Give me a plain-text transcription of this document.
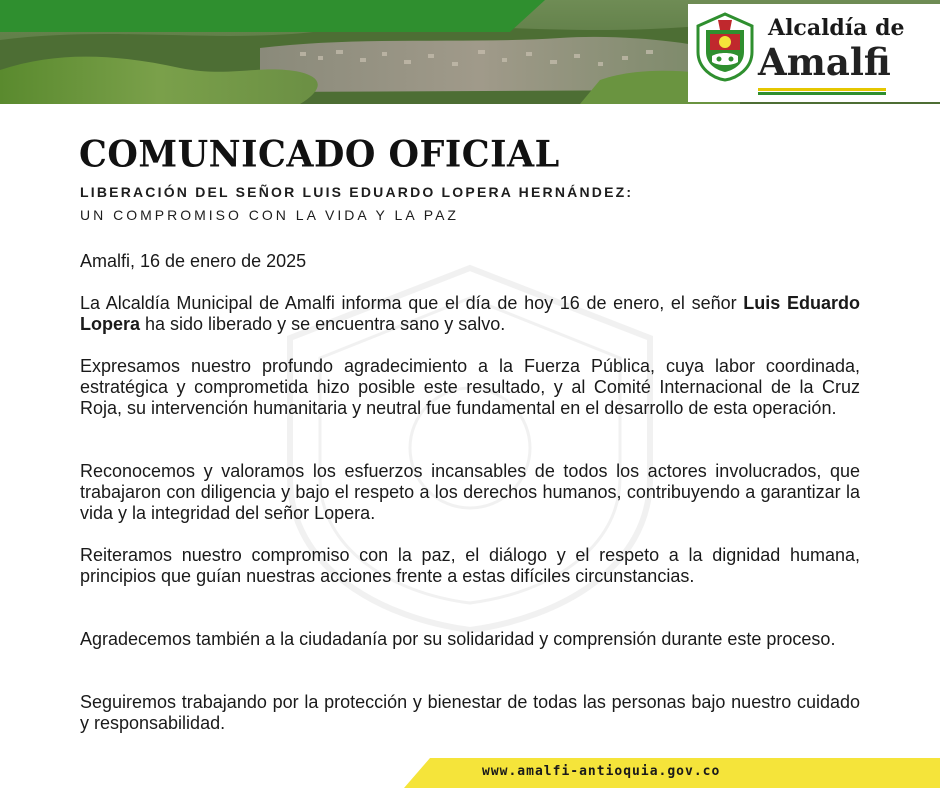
Alcaldía de
Amalfi
COMUNICADO OFICIAL
LIBERACIÓN DEL SEÑOR LUIS EDUARDO LOPERA HERNÁNDEZ:
UN COMPROMISO CON LA VIDA Y LA PAZ
Amalfi, 16 de enero de 2025

La Alcaldía Municipal de Amalfi informa que el día de hoy 16 de enero, el señor Luis Eduardo Lopera ha sido liberado y se encuentra sano y salvo.

Expresamos nuestro profundo agradecimiento a la Fuerza Pública, cuya labor coordinada, estratégica y comprometida hizo posible este resultado, y al Comité Internacional de la Cruz Roja, su intervención humanitaria y neutral fue fundamental en el desarrollo de esta operación.

Reconocemos y valoramos los esfuerzos incansables de todos los actores involucrados, que trabajaron con diligencia y bajo el respeto a los derechos humanos, contribuyendo a garantizar la vida y la integridad del señor Lopera.

Reiteramos nuestro compromiso con la paz, el diálogo y el respeto a la dignidad humana, principios que guían nuestras acciones frente a estas difíciles circunstancias.

Agradecemos también a la ciudadanía por su solidaridad y comprensión durante este proceso.

Seguiremos trabajando por la protección y bienestar de todas las personas bajo nuestro cuidado y responsabilidad.

www.amalfi-antioquia.gov.co
